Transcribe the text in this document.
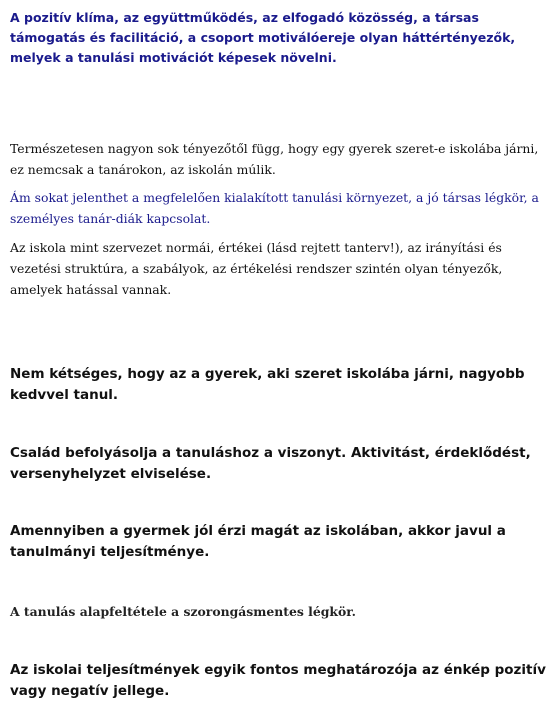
A pozitív klíma, az együttműködés, az elfogadó közösség, a társas támogatás és facilitáció, a csoport motiválóereje olyan háttértényezők, melyek a tanulási motivációt képesek növelni.

Természetesen nagyon sok tényezőtől függ, hogy egy gyerek szeret-e iskolába járni, ez nemcsak a tanárokon, az iskolán múlik.

Ám sokat jelenthet a megfelelően kialakított tanulási környezet, a jó társas légkör, a személyes tanár-diák kapcsolat.

Az iskola mint szervezet normái, értékei (lásd rejtett tanterv!), az irányítási és vezetési struktúra, a szabályok, az értékelési rendszer szintén olyan tényezők, amelyek hatással vannak.

Nem kétséges, hogy az a gyerek, aki szeret iskolába járni, nagyobb kedvvel tanul.

Család befolyásolja a tanuláshoz a viszonyt. Aktivitást, érdeklődést, versenyhelyzet elviselése.

Amennyiben a gyermek jól érzi magát az iskolában, akkor javul a tanulmányi teljesítménye.

A tanulás alapfeltétele a szorongásmentes légkör.

Az iskolai teljesítmények egyik fontos meghatározója az énkép pozitív vagy negatív jellege.
